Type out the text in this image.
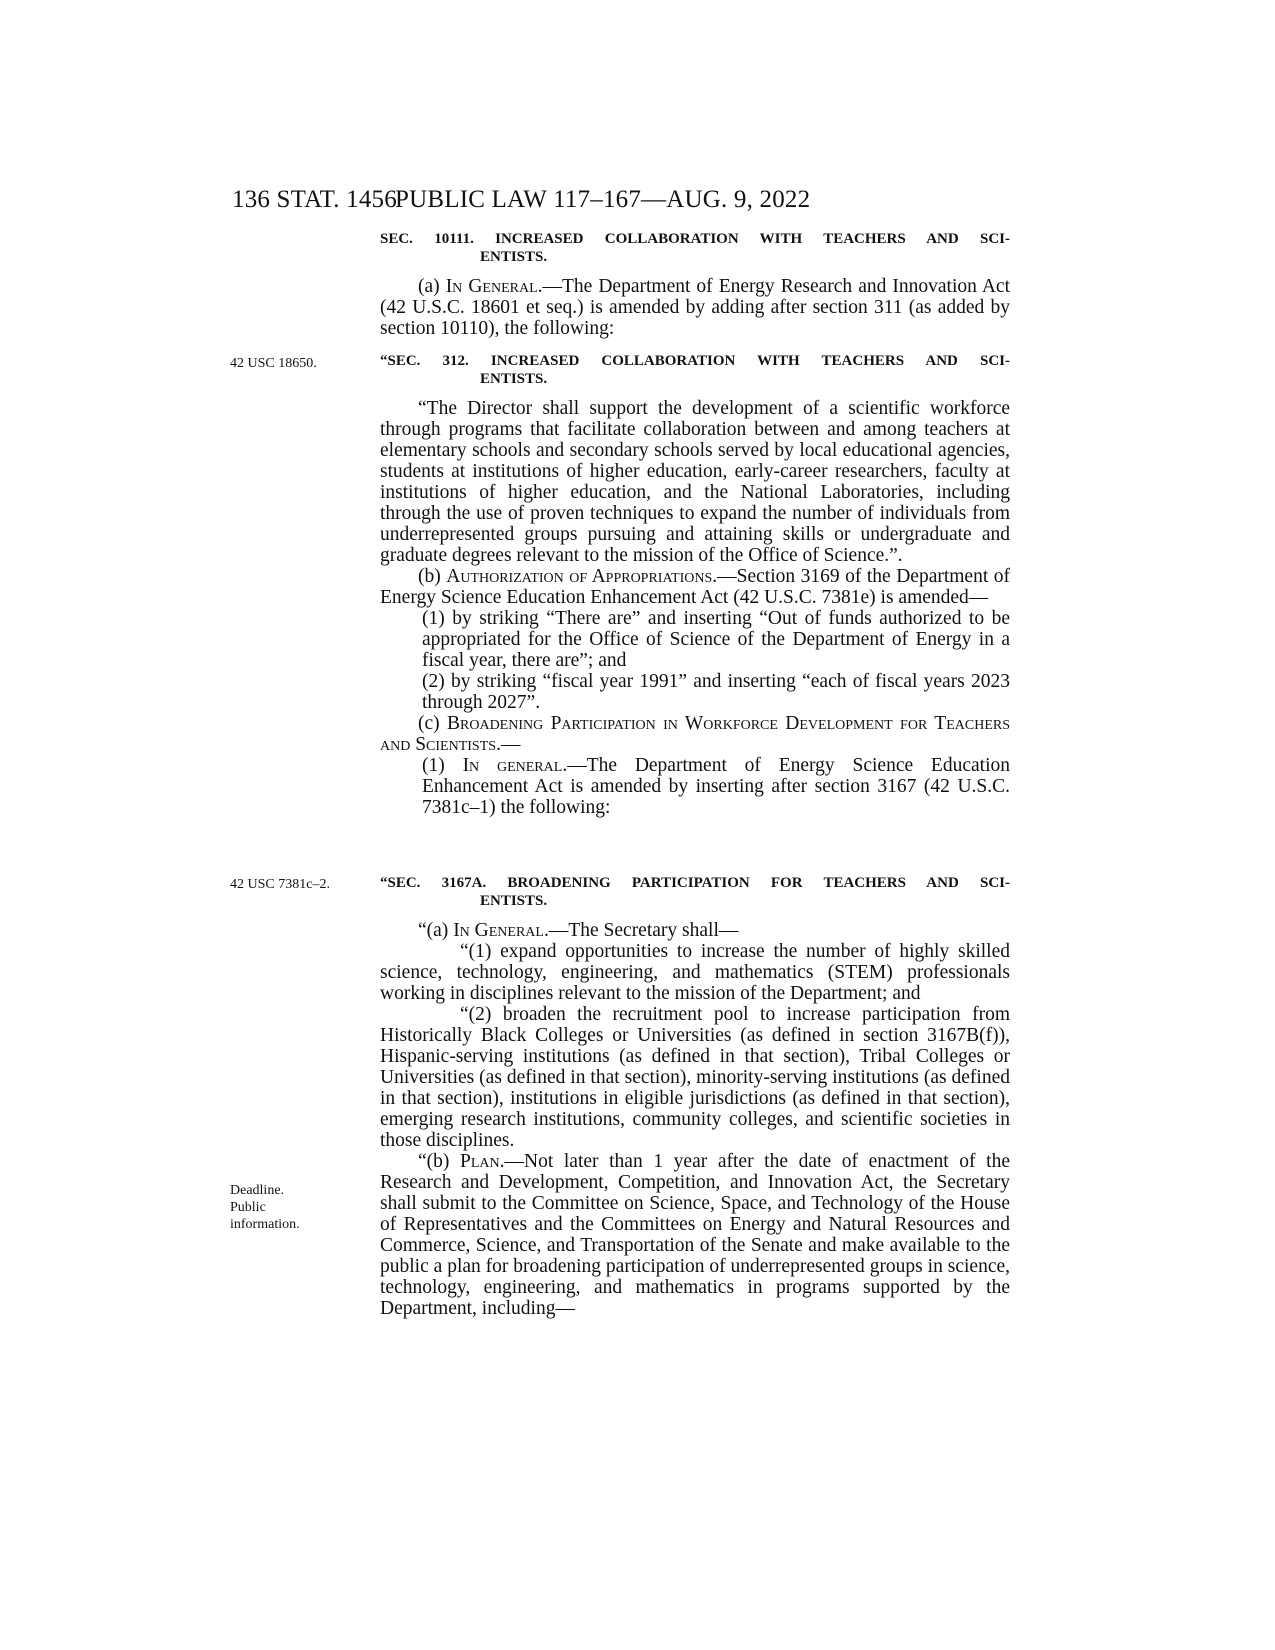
136 STAT. 1456
PUBLIC LAW 117–167—AUG. 9, 2022
SEC. 10111. INCREASED COLLABORATION WITH TEACHERS AND SCI-
ENTISTS.

(a) In General.—The Department of Energy Research and Innovation Act (42 U.S.C. 18601 et seq.) is amended by adding after section 311 (as added by section 10110), the following:

42 USC 18650.	“SEC. 312. INCREASED COLLABORATION WITH TEACHERS AND SCI-
ENTISTS.

“The Director shall support the development of a scientific workforce through programs that facilitate collaboration between and among teachers at elementary schools and secondary schools served by local educational agencies, students at institutions of higher education, early-career researchers, faculty at institutions of higher education, and the National Laboratories, including through the use of proven techniques to expand the number of individuals from underrepresented groups pursuing and attaining skills or undergraduate and graduate degrees relevant to the mission of the Office of Science.”.

(b) Authorization of Appropriations.—Section 3169 of the Department of Energy Science Education Enhancement Act (42 U.S.C. 7381e) is amended—

(1) by striking “There are” and inserting “Out of funds authorized to be appropriated for the Office of Science of the Department of Energy in a fiscal year, there are”; and

(2) by striking “fiscal year 1991” and inserting “each of fiscal years 2023 through 2027”.

(c) Broadening Participation in Workforce Development for Teachers and Scientists.—

(1) In general.—The Department of Energy Science Education Enhancement Act is amended by inserting after section 3167 (42 U.S.C. 7381c–1) the following:

42 USC 7381c–2.	“SEC. 3167A. BROADENING PARTICIPATION FOR TEACHERS AND SCI-
ENTISTS.

“(a) In General.—The Secretary shall—

“(1) expand opportunities to increase the number of highly skilled science, technology, engineering, and mathematics (STEM) professionals working in disciplines relevant to the mission of the Department; and

“(2) broaden the recruitment pool to increase participation from Historically Black Colleges or Universities (as defined in section 3167B(f)), Hispanic-serving institutions (as defined in that section), Tribal Colleges or Universities (as defined in that section), minority-serving institutions (as defined in that section), institutions in eligible jurisdictions (as defined in that section), emerging research institutions, community colleges, and scientific societies in those disciplines.

“(b) Plan.—Not later than 1 year after the date of enactment of the Research and Development, Competition, and Innovation Act, the Secretary shall submit to the Committee on Science, Space, and Technology of the House of Representatives and the Committees on Energy and Natural Resources and Commerce, Science, and Transportation of the Senate and make available to the public a plan for broadening participation of underrepresented groups in science, technology, engineering, and mathematics in programs supported by the Department, including—

Deadline.
Public
information.
